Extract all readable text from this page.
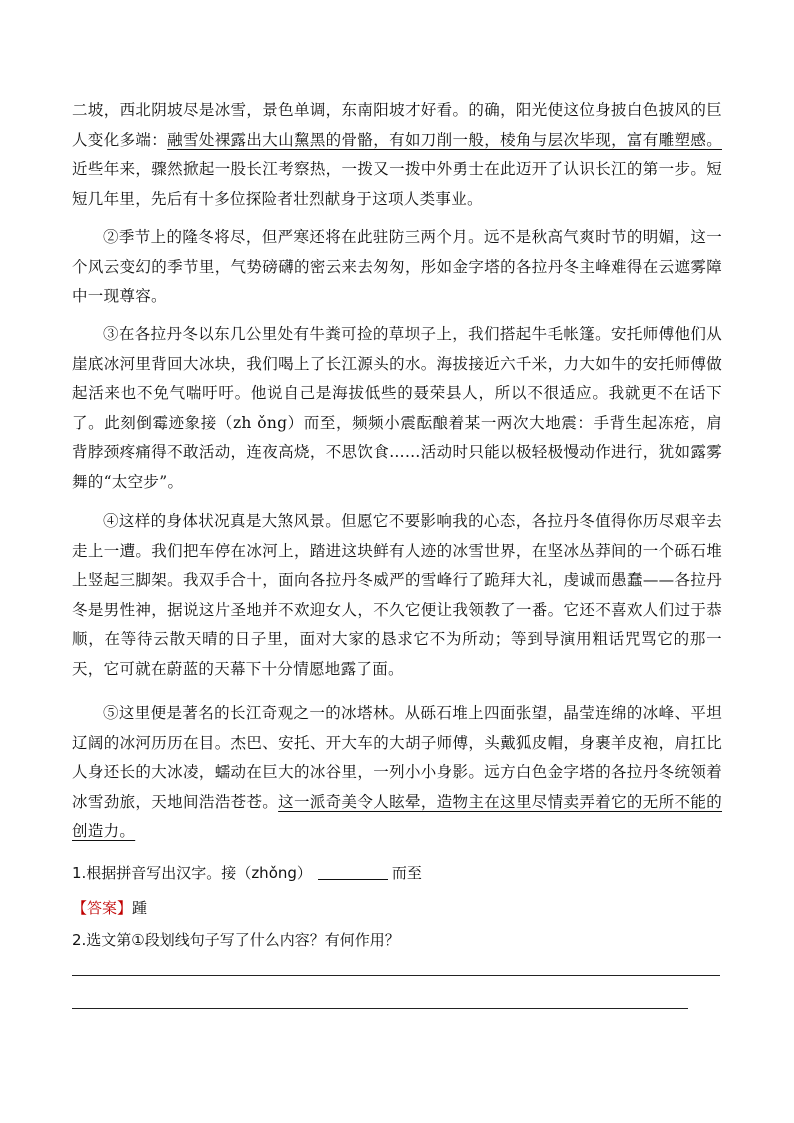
二坡，西北阴坡尽是冰雪，景色单调，东南阳坡才好看。的确，阳光使这位身披白色披风的巨人变化多端：融雪处裸露出大山黧黑的骨骼，有如刀削一般，棱角与层次毕现，富有雕塑感。近些年来，骤然掀起一股长江考察热，一拨又一拨中外勇士在此迈开了认识长江的第一步。短短几年里，先后有十多位探险者壮烈献身于这项人类事业。

②季节上的隆冬将尽，但严寒还将在此驻防三两个月。远不是秋高气爽时节的明媚，这一个风云变幻的季节里，气势磅礴的密云来去匆匆，彤如金字塔的各拉丹冬主峰难得在云遮雾障中一现尊容。

③在各拉丹冬以东几公里处有牛粪可捡的草坝子上，我们搭起牛毛帐篷。安托师傅他们从崖底冰河里背回大冰块，我们喝上了长江源头的水。海拔接近六千米，力大如牛的安托师傅做起活来也不免气喘吁吁。他说自己是海拔低些的聂荣县人，所以不很适应。我就更不在话下了。此刻倒霉迹象接（zh ǒng）而至，频频小震酝酿着某一两次大地震：手背生起冻疮，肩背脖颈疼痛得不敢活动，连夜高烧，不思饮食……活动时只能以极轻极慢动作进行，犹如露雾舞的“太空步”。

④这样的身体状况真是大煞风景。但愿它不要影响我的心态，各拉丹冬值得你历尽艰辛去走上一遭。我们把车停在冰河上，踏进这块鲜有人迹的冰雪世界，在坚冰丛莽间的一个砾石堆上竖起三脚架。我双手合十，面向各拉丹冬威严的雪峰行了跪拜大礼，虔诚而愚蠢——各拉丹冬是男性神，据说这片圣地并不欢迎女人，不久它便让我领教了一番。它还不喜欢人们过于恭顺，在等待云散天晴的日子里，面对大家的恳求它不为所动；等到导演用粗话咒骂它的那一天，它可就在蔚蓝的天幕下十分情愿地露了面。

⑤这里便是著名的长江奇观之一的冰塔林。从砾石堆上四面张望，晶莹连绵的冰峰、平坦辽阔的冰河历历在目。杰巴、安托、开大车的大胡子师傅，头戴狐皮帽，身裹羊皮袍，肩扛比人身还长的大冰凌，蠕动在巨大的冰谷里，一列小小身影。远方白色金字塔的各拉丹冬统领着冰雪劲旅，天地间浩浩苍苍。这一派奇美令人眩晕，造物主在这里尽情卖弄着它的无所不能的创造力。

1.根据拼音写出汉字。接（zhǒng）	而至

【答案】踵

2.选文第①段划线句子写了什么内容？有何作用？
